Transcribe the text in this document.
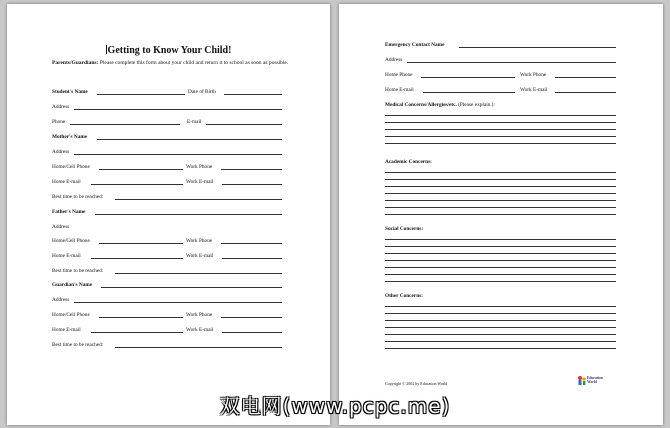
Getting to Know Your Child!
Parents/Guardians: Please complete this form about your child and return it to school as soon as possible.
Student's Name	Date of Birth
Address
Phone	E-mail
Mother's Name
Address
Home/Cell Phone	Work Phone
Home E-mail	Work E-mail
Best time to be reached:
Father's Name
Address
Home/Cell Phone	Work Phone
Home E-mail	Work E-mail
Best time to be reached:
Guardian's Name
Address
Home/Cell Phone	Work Phone
Home E-mail	Work E-mail
Best time to be reached:
Emergency Contact Name
Address
Home Phone	Work Phone
Home E-mail	Work E-mail
Medical Concerns/Allergies/etc. (Please explain.):
Academic Concerns:
Social Concerns:
Other Concerns:
Copyright © 2002 by Education World
Education
World
双电网(www.pcpc.me)
